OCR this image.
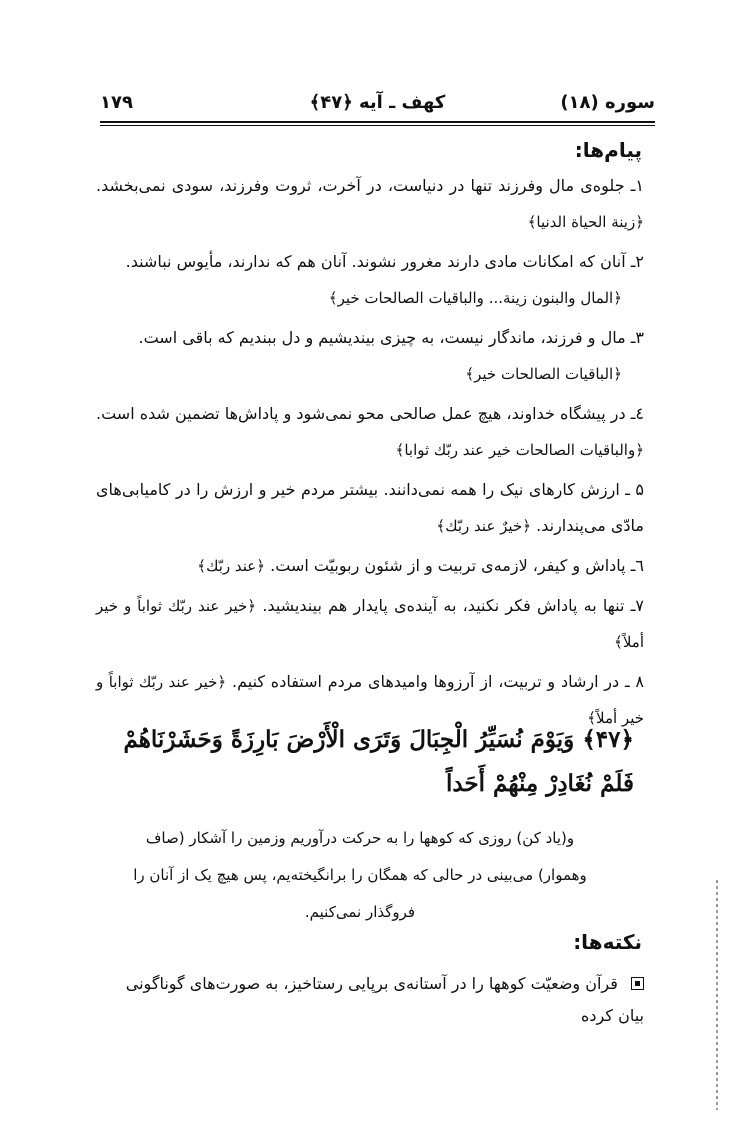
سوره (۱۸)
کهف ـ آیه ﴿۴۷﴾
۱۷۹
پیام‌ها:

۱ـ جلوه‌ی مال وفرزند تنها در دنیاست، در آخرت، ثروت وفرزند، سودی نمی‌بخشد. ﴿زينة الحياة الدنيا﴾

۲ـ آنان که امکانات مادی دارند مغرور نشوند. آنان هم که ندارند، مأیوس نباشند.
﴿المال والبنون زينة... والباقيات الصالحات خير﴾

۳ـ مال و فرزند، ماندگار نیست، به چیزی بیندیشیم و دل ببندیم که باقی است.
﴿الباقيات الصالحات خير﴾

٤ـ در پیشگاه خداوند، هیچ عمل صالحی محو نمی‌شود و پاداش‌ها تضمین شده است. ﴿والباقيات الصالحات خير عند ربّك ثوابا﴾

۵ ـ ارزش کارهای نیک را همه نمی‌دانند. بیشتر مردم خیر و ارزش را در کامیابی‌های مادّی می‌پندارند. ﴿خيرٌ عند ربّك﴾

٦ـ پاداش و کیفر، لازمه‌ی تربیت و از شئون ربوبیّت است. ﴿عند ربّك﴾

۷ـ تنها به پاداش فکر نکنید، به آینده‌ی پایدار هم بیندیشید. ﴿خير عند ربّك ثواباً و خير أملاً﴾

۸ ـ در ارشاد و تربیت، از آرزوها وامیدهای مردم استفاده کنیم. ﴿خير عند ربّك ثواباً و خير أملاً﴾

﴿۴۷﴾ وَيَوْمَ نُسَيِّرُ الْجِبَالَ وَتَرَى الْأَرْضَ بَارِزَةً وَحَشَرْنَاهُمْ فَلَمْ نُغَادِرْ مِنْهُمْ أَحَداً
و(یاد کن) روزی که کوهها را به حرکت درآوریم وزمین را آشکار (صاف وهموار) می‌بینی در حالی که همگان را برانگیخته‌یم، پس هیچ یک از آنان را فروگذار نمی‌کنیم.
نکته‌ها:
قرآن وضعیّت کوهها را در آستانه‌ی برپایی رستاخیز، به صورت‌های گوناگونی بیان کرده
